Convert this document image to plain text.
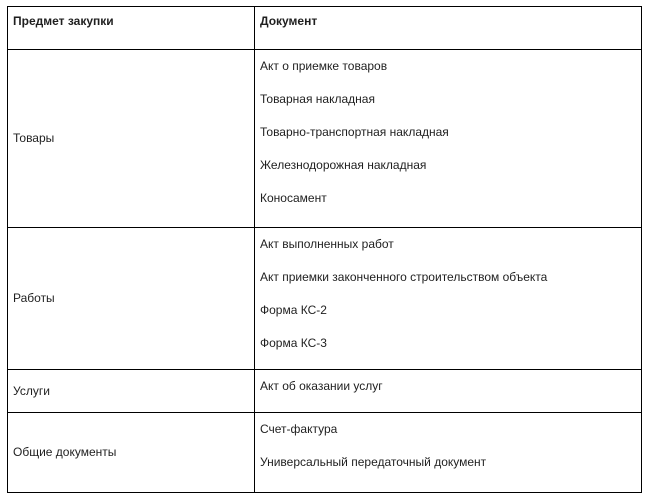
Предмет закупки	Документ

Товары	Акт о приемке товаров
Товарная накладная
Товарно-транспортная накладная
Железнодорожная накладная
Коносамент

Работы	Акт выполненных работ
Акт приемки законченного строительством объекта
Форма КС-2
Форма КС-3

Услуги	Акт об оказании услуг

Общие документы	Счет-фактура
Универсальный передаточный документ
